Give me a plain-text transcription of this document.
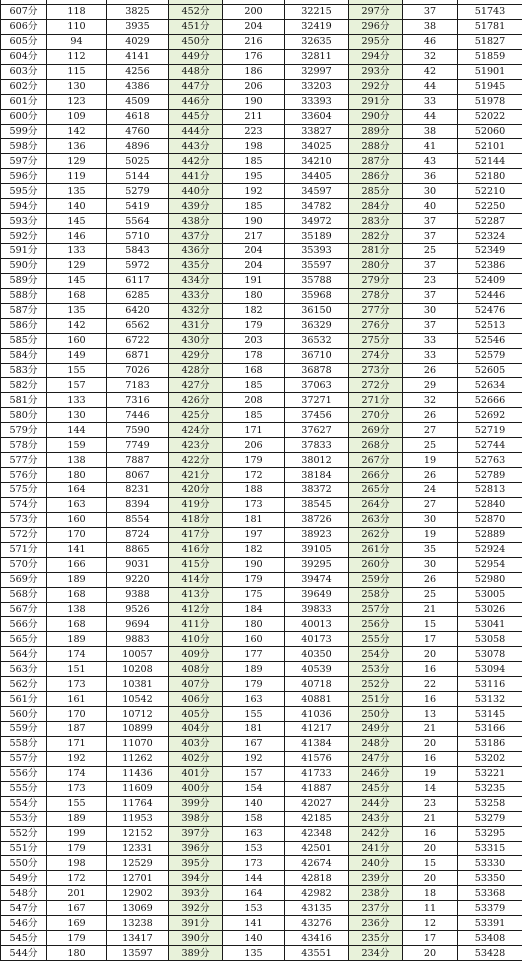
607分	118	3825	452分	200	32215	297分	37	51743
606分	110	3935	451分	204	32419	296分	38	51781
605分	94	4029	450分	216	32635	295分	46	51827
604分	112	4141	449分	176	32811	294分	32	51859
603分	115	4256	448分	186	32997	293分	42	51901
602分	130	4386	447分	206	33203	292分	44	51945
601分	123	4509	446分	190	33393	291分	33	51978
600分	109	4618	445分	211	33604	290分	44	52022
599分	142	4760	444分	223	33827	289分	38	52060
598分	136	4896	443分	198	34025	288分	41	52101
597分	129	5025	442分	185	34210	287分	43	52144
596分	119	5144	441分	195	34405	286分	36	52180
595分	135	5279	440分	192	34597	285分	30	52210
594分	140	5419	439分	185	34782	284分	40	52250
593分	145	5564	438分	190	34972	283分	37	52287
592分	146	5710	437分	217	35189	282分	37	52324
591分	133	5843	436分	204	35393	281分	25	52349
590分	129	5972	435分	204	35597	280分	37	52386
589分	145	6117	434分	191	35788	279分	23	52409
588分	168	6285	433分	180	35968	278分	37	52446
587分	135	6420	432分	182	36150	277分	30	52476
586分	142	6562	431分	179	36329	276分	37	52513
585分	160	6722	430分	203	36532	275分	33	52546
584分	149	6871	429分	178	36710	274分	33	52579
583分	155	7026	428分	168	36878	273分	26	52605
582分	157	7183	427分	185	37063	272分	29	52634
581分	133	7316	426分	208	37271	271分	32	52666
580分	130	7446	425分	185	37456	270分	26	52692
579分	144	7590	424分	171	37627	269分	27	52719
578分	159	7749	423分	206	37833	268分	25	52744
577分	138	7887	422分	179	38012	267分	19	52763
576分	180	8067	421分	172	38184	266分	26	52789
575分	164	8231	420分	188	38372	265分	24	52813
574分	163	8394	419分	173	38545	264分	27	52840
573分	160	8554	418分	181	38726	263分	30	52870
572分	170	8724	417分	197	38923	262分	19	52889
571分	141	8865	416分	182	39105	261分	35	52924
570分	166	9031	415分	190	39295	260分	30	52954
569分	189	9220	414分	179	39474	259分	26	52980
568分	168	9388	413分	175	39649	258分	25	53005
567分	138	9526	412分	184	39833	257分	21	53026
566分	168	9694	411分	180	40013	256分	15	53041
565分	189	9883	410分	160	40173	255分	17	53058
564分	174	10057	409分	177	40350	254分	20	53078
563分	151	10208	408分	189	40539	253分	16	53094
562分	173	10381	407分	179	40718	252分	22	53116
561分	161	10542	406分	163	40881	251分	16	53132
560分	170	10712	405分	155	41036	250分	13	53145
559分	187	10899	404分	181	41217	249分	21	53166
558分	171	11070	403分	167	41384	248分	20	53186
557分	192	11262	402分	192	41576	247分	16	53202
556分	174	11436	401分	157	41733	246分	19	53221
555分	173	11609	400分	154	41887	245分	14	53235
554分	155	11764	399分	140	42027	244分	23	53258
553分	189	11953	398分	158	42185	243分	21	53279
552分	199	12152	397分	163	42348	242分	16	53295
551分	179	12331	396分	153	42501	241分	20	53315
550分	198	12529	395分	173	42674	240分	15	53330
549分	172	12701	394分	144	42818	239分	20	53350
548分	201	12902	393分	164	42982	238分	18	53368
547分	167	13069	392分	153	43135	237分	11	53379
546分	169	13238	391分	141	43276	236分	12	53391
545分	179	13417	390分	140	43416	235分	17	53408
544分	180	13597	389分	135	43551	234分	20	53428
